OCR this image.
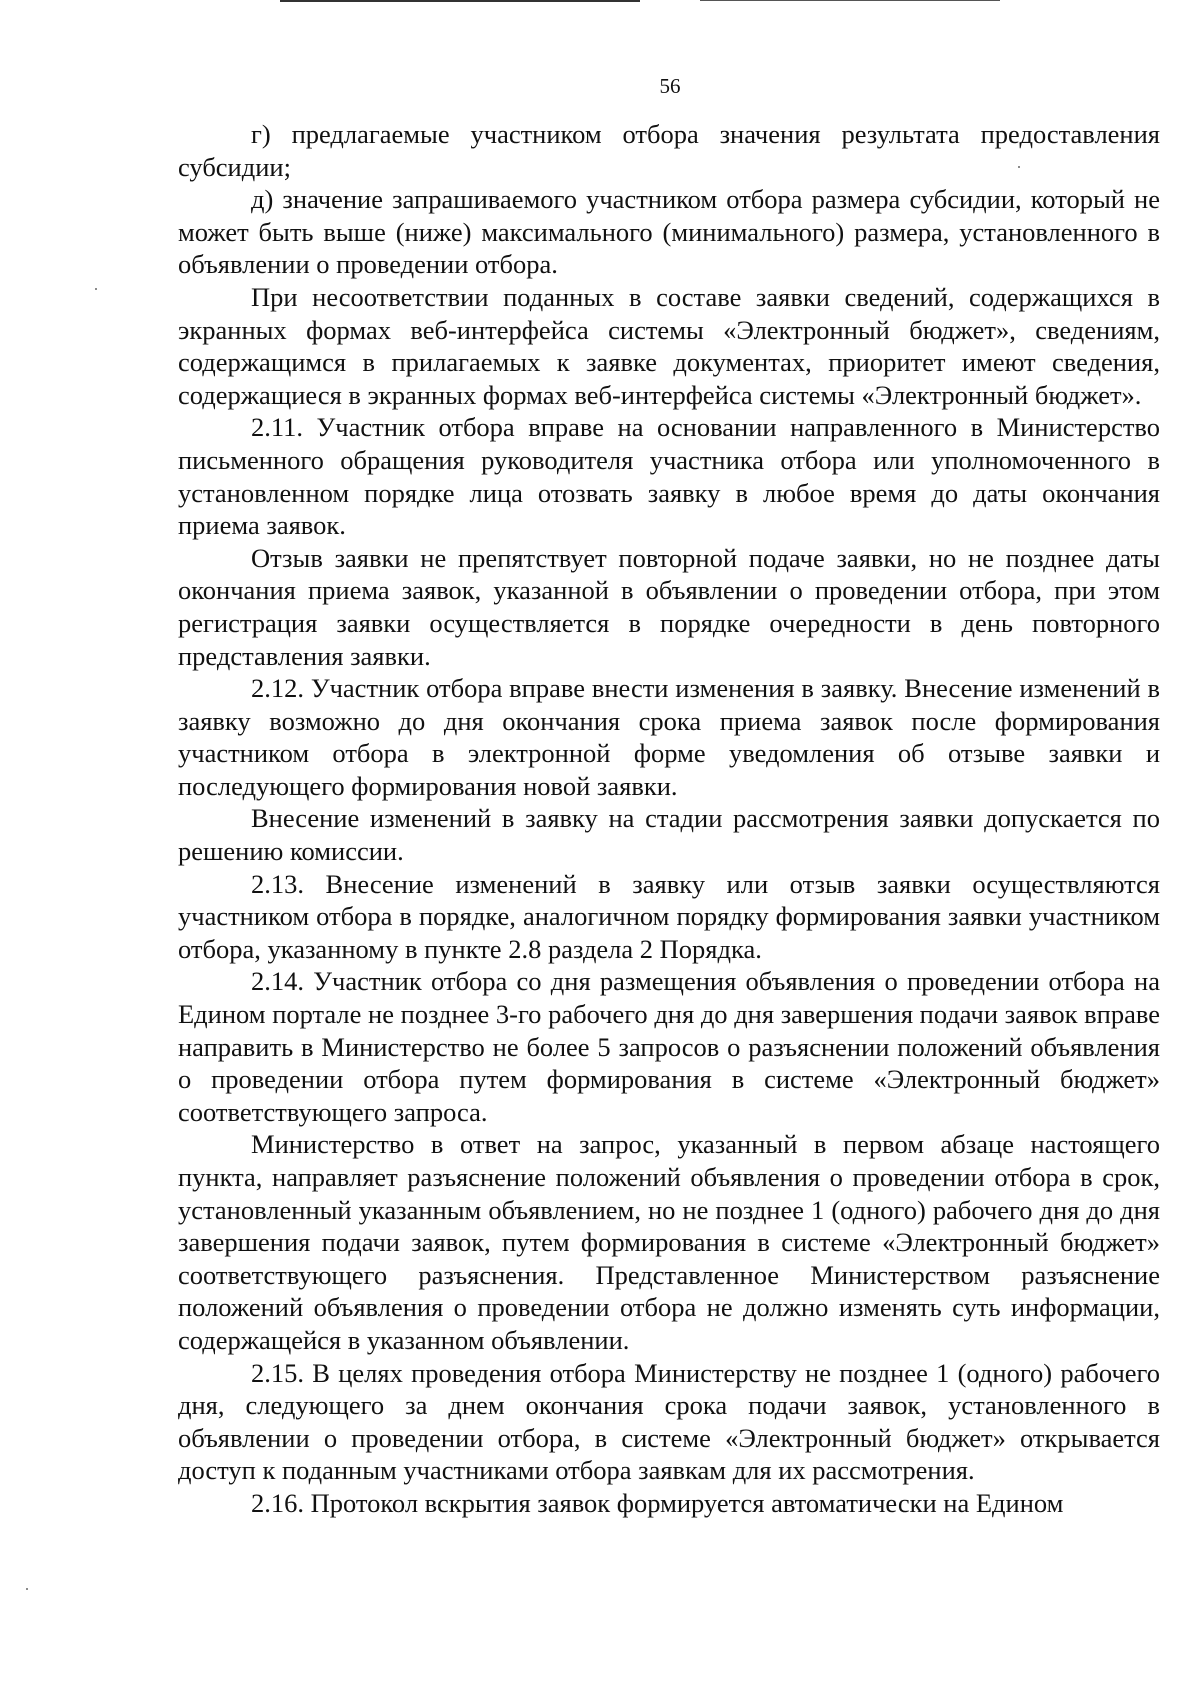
56

г) предлагаемые участником отбора значения результата предоставления субсидии;

д) значение запрашиваемого участником отбора размера субсидии, который не может быть выше (ниже) максимального (минимального) размера, установленного в объявлении о проведении отбора.

При несоответствии поданных в составе заявки сведений, содержащихся в экранных формах веб-интерфейса системы «Электронный бюджет», сведениям, содержащимся в прилагаемых к заявке документах, приоритет имеют сведения, содержащиеся в экранных формах веб-интерфейса системы «Электронный бюджет».

2.11. Участник отбора вправе на основании направленного в Министерство письменного обращения руководителя участника отбора или уполномоченного в установленном порядке лица отозвать заявку в любое время до даты окончания приема заявок.

Отзыв заявки не препятствует повторной подаче заявки, но не позднее даты окончания приема заявок, указанной в объявлении о проведении отбора, при этом регистрация заявки осуществляется в порядке очередности в день повторного представления заявки.

2.12. Участник отбора вправе внести изменения в заявку. Внесение изменений в заявку возможно до дня окончания срока приема заявок после формирования участником отбора в электронной форме уведомления об отзыве заявки и последующего формирования новой заявки.

Внесение изменений в заявку на стадии рассмотрения заявки допускается по решению комиссии.

2.13. Внесение изменений в заявку или отзыв заявки осуществляются участником отбора в порядке, аналогичном порядку формирования заявки участником отбора, указанному в пункте 2.8 раздела 2 Порядка.

2.14. Участник отбора со дня размещения объявления о проведении отбора на Едином портале не позднее 3-го рабочего дня до дня завершения подачи заявок вправе направить в Министерство не более 5 запросов о разъяснении положений объявления о проведении отбора путем формирования в системе «Электронный бюджет» соответствующего запроса.

Министерство в ответ на запрос, указанный в первом абзаце настоящего пункта, направляет разъяснение положений объявления о проведении отбора в срок, установленный указанным объявлением, но не позднее 1 (одного) рабочего дня до дня завершения подачи заявок, путем формирования в системе «Электронный бюджет» соответствующего разъяснения. Представленное Министерством разъяснение положений объявления о проведении отбора не должно изменять суть информации, содержащейся в указанном объявлении.

2.15. В целях проведения отбора Министерству не позднее 1 (одного) рабочего дня, следующего за днем окончания срока подачи заявок, установленного в объявлении о проведении отбора, в системе «Электронный бюджет» открывается доступ к поданным участниками отбора заявкам для их рассмотрения.

2.16. Протокол вскрытия заявок формируется автоматически на Едином
